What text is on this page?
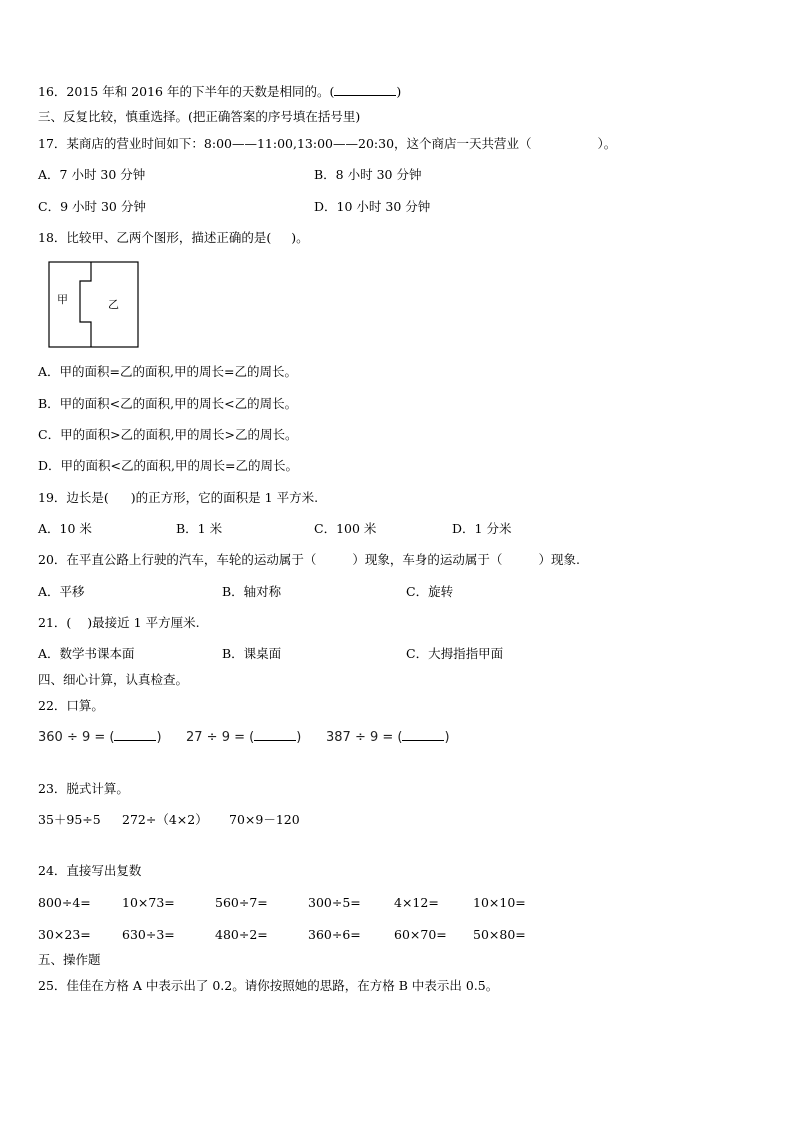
16．2015 年和 2016 年的下半年的天数是相同的。(	)
三、反复比较，慎重选择。(把正确答案的序号填在括号里)
17．某商店的营业时间如下：8:00——11:00,13:00——20:30，这个商店一天共营业（	）。
A．7 小时 30 分钟	B．8 小时 30 分钟
C．9 小时 30 分钟	D．10 小时 30 分钟
18．比较甲、乙两个图形，描述正确的是( )。
甲	乙
A．甲的面积=乙的面积,甲的周长=乙的周长。
B．甲的面积<乙的面积,甲的周长<乙的周长。
C．甲的面积>乙的面积,甲的周长>乙的周长。
D．甲的面积<乙的面积,甲的周长=乙的周长。
19．边长是( )的正方形，它的面积是 1 平方米.
A．10 米	B．1 米	C．100 米	D．1 分米
20．在平直公路上行驶的汽车，车轮的运动属于（	）现象，车身的运动属于（	）现象.
A．平移	B．轴对称	C．旋转
21．( )最接近 1 平方厘米.
A．数学书课本面	B．课桌面	C．大拇指指甲面
四、细心计算，认真检查。
22．口算。
360 ÷ 9 = (	) 27 ÷ 9 = (	) 387 ÷ 9 = (	)
23．脱式计算。
35＋95÷5 272÷（4×2） 70×9－120
24．直接写出复数
800÷4= 10×73=	560÷7=	300÷5=	4×12=	10×10=
30×23= 630÷3=	480÷2=	360÷6=	60×70= 50×80=
五、操作题
25．佳佳在方格 A 中表示出了 0.2。请你按照她的思路，在方格 B 中表示出 0.5。
